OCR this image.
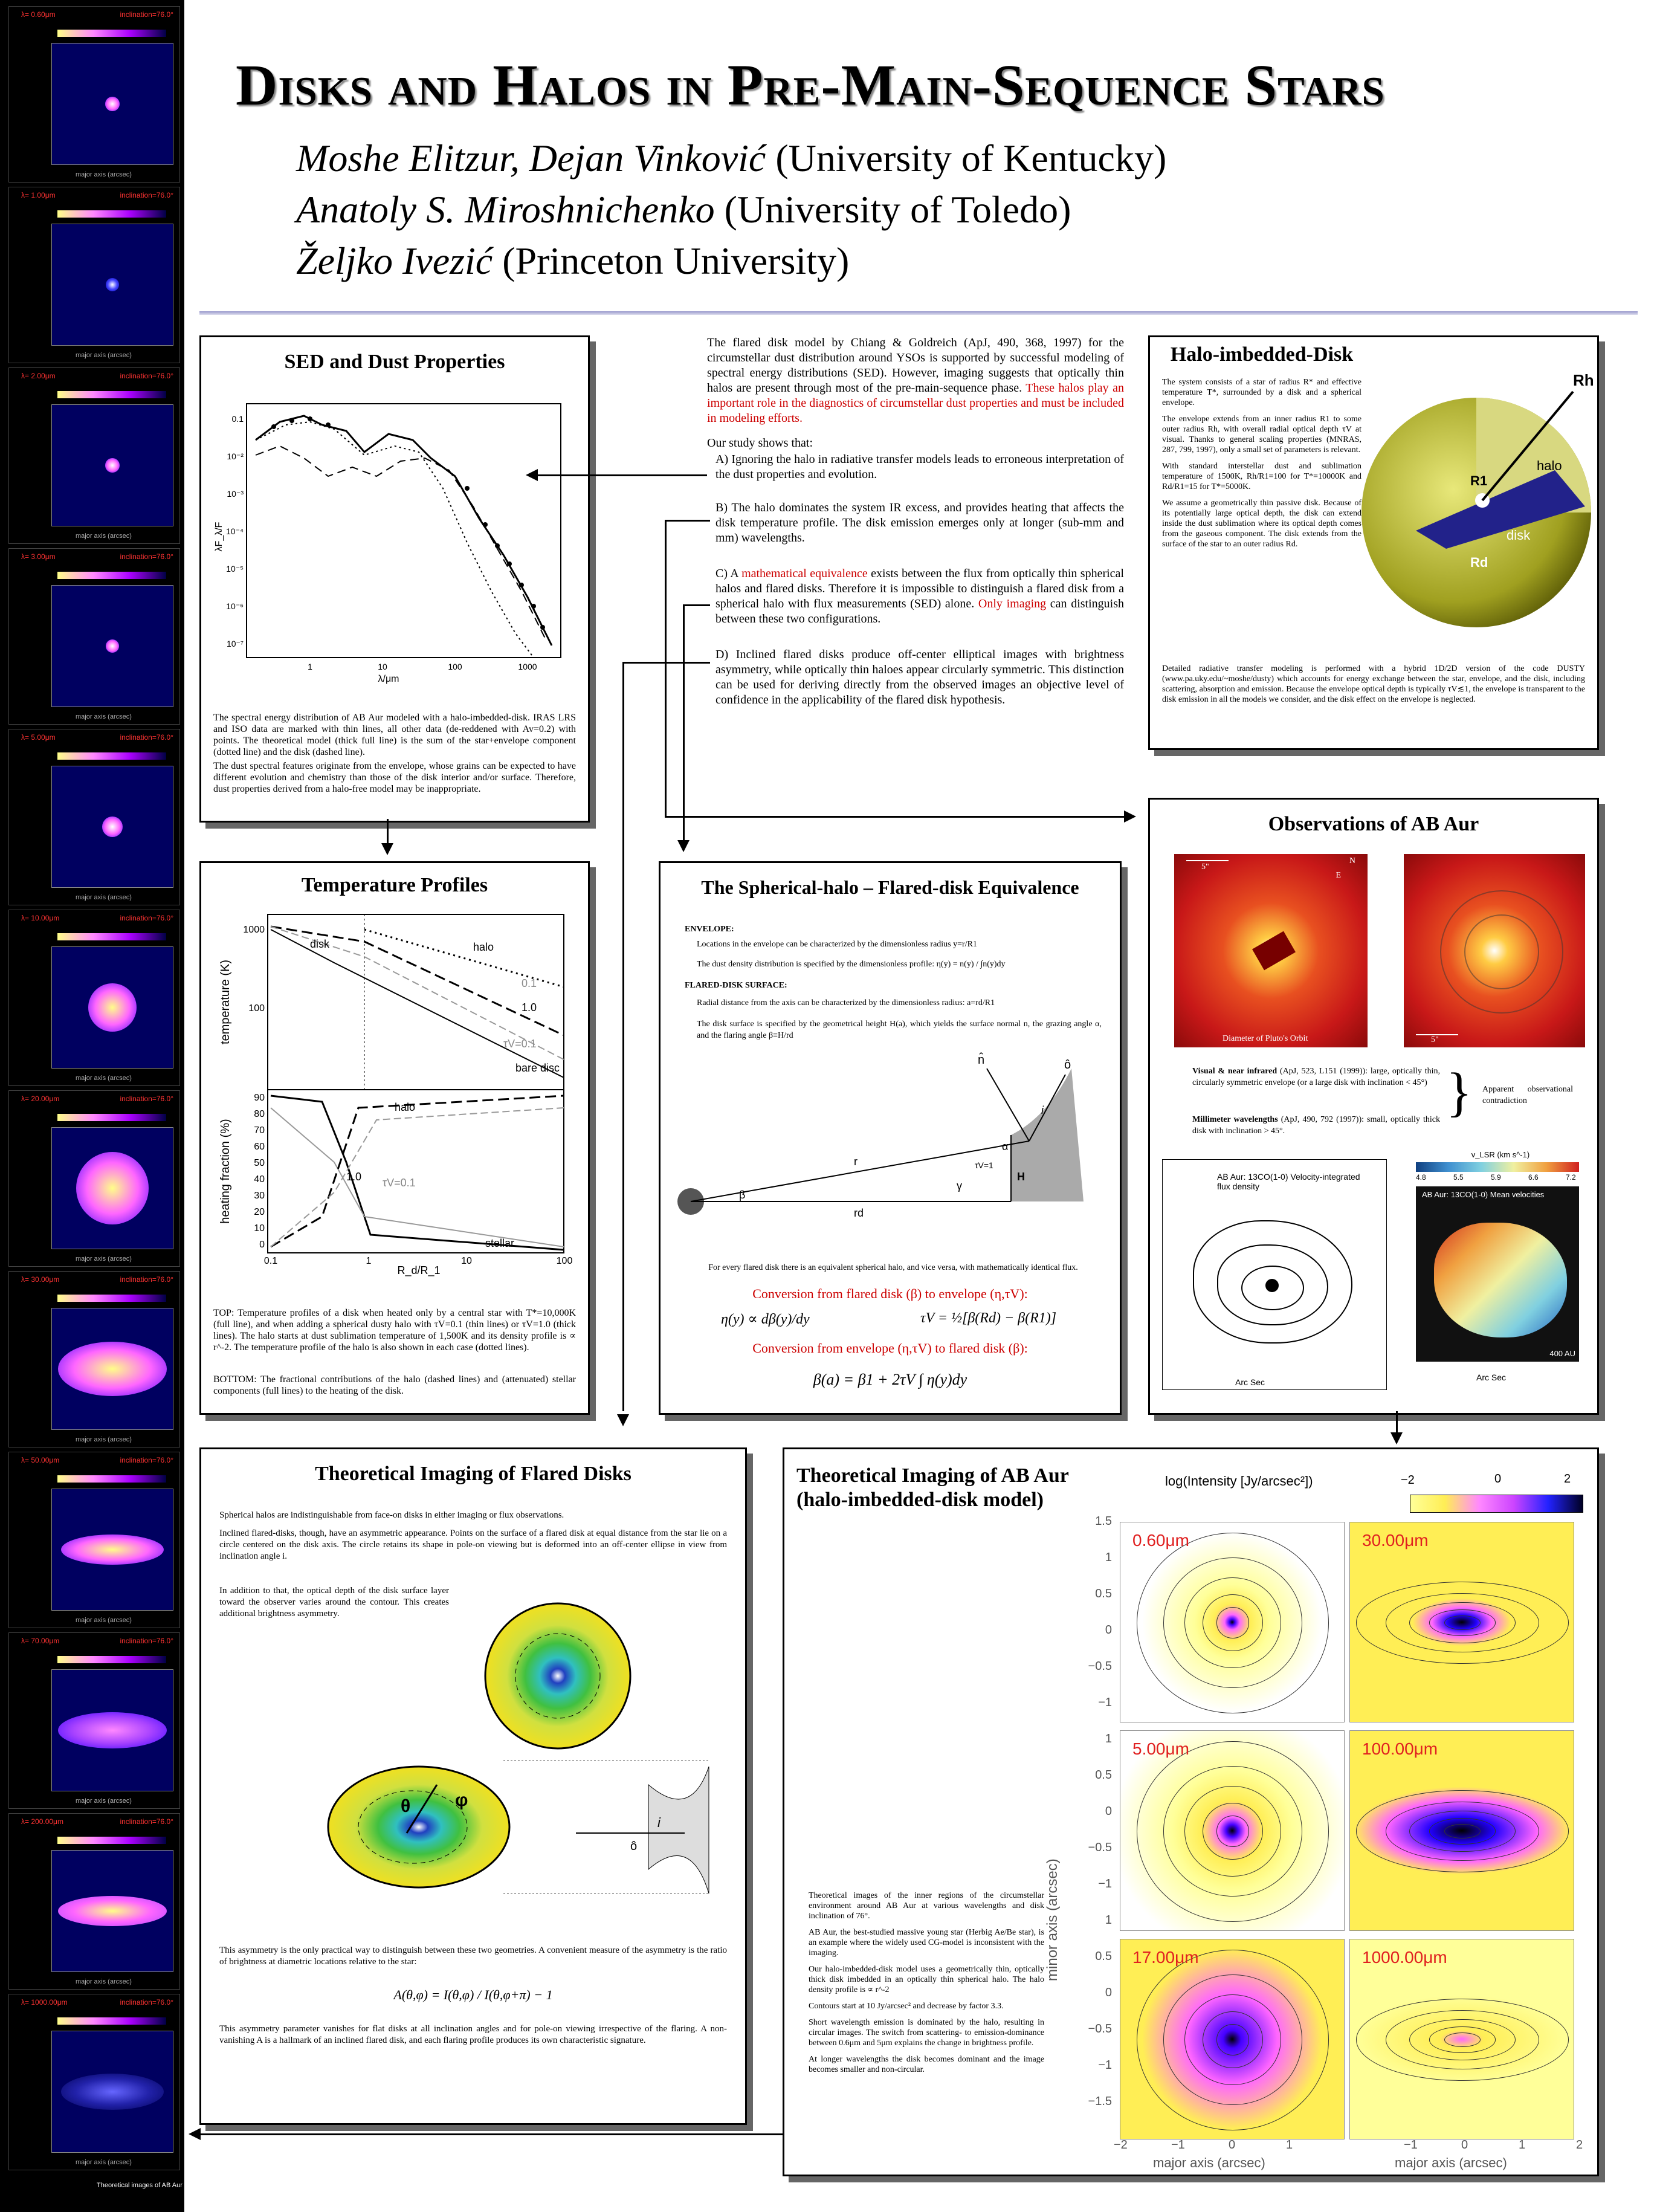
λ= 0.60μm	inclination=76.0°
major axis (arcsec)
λ= 1.00μm	inclination=76.0°
major axis (arcsec)
λ= 2.00μm	inclination=76.0°
major axis (arcsec)
λ= 3.00μm	inclination=76.0°
major axis (arcsec)
λ= 5.00μm	inclination=76.0°
major axis (arcsec)
λ= 10.00μm	inclination=76.0°
major axis (arcsec)
λ= 20.00μm	inclination=76.0°
major axis (arcsec)
λ= 30.00μm	inclination=76.0°
major axis (arcsec)
λ= 50.00μm	inclination=76.0°
major axis (arcsec)
λ= 70.00μm	inclination=76.0°
major axis (arcsec)
λ= 200.00μm	inclination=76.0°
major axis (arcsec)
λ= 1000.00μm	inclination=76.0°
major axis (arcsec)
Theoretical images of AB Aur
Disks and Halos in Pre-Main-Sequence Stars
Moshe Elitzur, Dejan Vinković (University of Kentucky)
Anatoly S. Miroshnichenko (University of Toledo)
Željko Ivezić (Princeton University)
SED and Dust Properties
0.1
10⁻²
10⁻³
10⁻⁴
10⁻⁵
10⁻⁶
10⁻⁷
1	10	100	1000
λ/μm
λF_λ/F
The spectral energy distribution of AB Aur modeled with a halo-imbedded-disk. IRAS LRS and ISO data are marked with thin lines, all other data (de-reddened with Av=0.2) with points. The theoretical model (thick full line) is the sum of the star+envelope component (dotted line) and the disk (dashed line).
The dust spectral features originate from the envelope, whose grains can be expected to have different evolution and chemistry than those of the disk interior and/or surface. Therefore, dust properties derived from a halo-free model may be inappropriate.

The flared disk model by Chiang & Goldreich (ApJ, 490, 368, 1997) for the circumstellar dust distribution around YSOs is supported by successful modeling of spectral energy distributions (SED). However, imaging suggests that optically thin halos are present through most of the pre-main-sequence phase. These halos play an important role in the diagnostics of circumstellar dust properties and must be included in modeling efforts.

Our study shows that:

A) Ignoring the halo in radiative transfer models leads to erroneous interpretation of the dust properties and evolution.

B) The halo dominates the system IR excess, and provides heating that affects the disk temperature profile. The disk emission emerges only at longer (sub-mm and mm) wavelengths.

C) A mathematical equivalence exists between the flux from optically thin spherical halos and flared disks. Therefore it is impossible to distinguish a flared disk from a spherical halo with flux measurements (SED) alone. Only imaging can distinguish between these two configurations.

D) Inclined flared disks produce off-center elliptical images with brightness asymmetry, while optically thin haloes appear circularly symmetric. This distinction can be used for deriving directly from the observed images an objective level of confidence in the applicability of the flared disk hypothesis.

Halo-imbedded-Disk

The system consists of a star of radius R* and effective temperature T*, surrounded by a disk and a spherical envelope.

The envelope extends from an inner radius R1 to some outer radius Rh, with overall radial optical depth τV at visual. Thanks to general scaling properties (MNRAS, 287, 799, 1997), only a small set of parameters is relevant.

With standard interstellar dust and sublimation temperature of 1500K, Rh/R1=100 for T*=10000K and Rd/R1=15 for T*=5000K.

We assume a geometrically thin passive disk. Because of its potentially large optical depth, the disk can extend inside the dust sublimation where its optical depth comes from the gaseous component. The disk extends from the surface of the star to an outer radius Rd.

Rh
R1
Rd
halo
disk
Detailed radiative transfer modeling is performed with a hybrid 1D/2D version of the code DUSTY (www.pa.uky.edu/~moshe/dusty) which accounts for energy exchange between the star, envelope, and the disk, including scattering, absorption and emission. Because the envelope optical depth is typically τV≲1, the envelope is transparent to the disk emission in all the models we consider, and the disk effect on the envelope is neglected.
Temperature Profiles
disk	halo
0.1
1.0
τV=0.1
bare disc
halo
stellar
1.0 τV=0.1
1000
100
90
80
70
60
50
40
30
20
10
0
0.1	1	10	100
temperature (K)
heating fraction (%)
R_d/R_1
TOP: Temperature profiles of a disk when heated only by a central star with T*=10,000K (full line), and when adding a spherical dusty halo with τV=0.1 (thin lines) or τV=1.0 (thick lines). The halo starts at dust sublimation temperature of 1,500K and its density profile is ∝ r^-2. The temperature profile of the halo is also shown in each case (dotted lines).
BOTTOM: The fractional contributions of the halo (dashed lines) and (attenuated) stellar components (full lines) to the heating of the disk.
The Spherical-halo – Flared-disk Equivalence
ENVELOPE:
Locations in the envelope can be characterized by the dimensionless radius y=r/R1
The dust density distribution is specified by the dimensionless profile: η(y) = n(y) / ∫n(y)dy
FLARED-DISK SURFACE:
Radial distance from the axis can be characterized by the dimensionless radius: a=rd/R1
The disk surface is specified by the geometrical height H(a), which yields the surface normal n, the grazing angle α, and the flaring angle β≡H/rd
r
rd
H
τV=1
α
β
γ
i
n̂	ô
For every flared disk there is an equivalent spherical halo, and vice versa, with mathematically identical flux.
Conversion from flared disk (β) to envelope (η,τV):
η(y) ∝ dβ(y)/dy	τV = ½[β(Rd) − β(R1)]
Conversion from envelope (η,τV) to flared disk (β):
β(a) = β1 + 2τV ∫ η(y)dy
Observations of AB Aur
5"
N
E
Diameter of Pluto's Orbit	5"
Visual & near infrared (ApJ, 523, L151 (1999)): large, optically thin, circularly symmetric envelope (or a large disk with inclination < 45°)
Millimeter wavelengths (ApJ, 490, 792 (1997)): small, optically thick disk with inclination > 45°.
} Apparent observational contradiction
AB Aur: 13CO(1-0) Velocity-integrated flux density
Arc Sec
v_LSR (km s^-1)
4.8	5.5	5.9	6.6	7.2
AB Aur: 13CO(1-0) Mean velocities
400 AU
Arc Sec
Theoretical Imaging of Flared Disks
Spherical halos are indistinguishable from face-on disks in either imaging or flux observations.
Inclined flared-disks, though, have an asymmetric appearance. Points on the surface of a flared disk at equal distance from the star lie on a circle centered on the disk axis. The circle retains its shape in pole-on viewing but is deformed into an off-center ellipse in view from inclination angle i.
In addition to that, the optical depth of the disk surface layer toward the observer varies around the contour. This creates additional brightness asymmetry.
θ φ
i
ô
This asymmetry is the only practical way to distinguish between these two geometries. A convenient measure of the asymmetry is the ratio of brightness at diametric locations relative to the star:
A(θ,φ) = I(θ,φ) / I(θ,φ+π) − 1
This asymmetry parameter vanishes for flat disks at all inclination angles and for pole-on viewing irrespective of the flaring. A non-vanishing A is a hallmark of an inclined flared disk, and each flaring profile produces its own characteristic signature.
Theoretical Imaging of AB Aur
(halo-imbedded-disk model)
log(Intensity [Jy/arcsec²])	−2	0	2
0.60μm	30.00μm
5.00μm	100.00μm
17.00μm	1000.00μm
1.5
1
0.5
0
−0.5
−1
1
0.5
0
−0.5
−1
1
0.5
0
−0.5
−1
−1.5
minor axis (arcsec)
−2	−1	0	1	−1	0	1	2
major axis (arcsec)	major axis (arcsec)

Theoretical images of the inner regions of the circumstellar environment around AB Aur at various wavelengths and disk inclination of 76°.

AB Aur, the best-studied massive young star (Herbig Ae/Be star), is an example where the widely used CG-model is inconsistent with the imaging.

Our halo-imbedded-disk model uses a geometrically thin, optically thick disk imbedded in an optically thin spherical halo. The halo density profile is ∝ r^-2

Contours start at 10 Jy/arcsec² and decrease by factor 3.3.

Short wavelength emission is dominated by the halo, resulting in circular images. The switch from scattering- to emission-dominance between 0.6μm and 5μm explains the change in brightness profile.

At longer wavelengths the disk becomes dominant and the image becomes smaller and non-circular.
